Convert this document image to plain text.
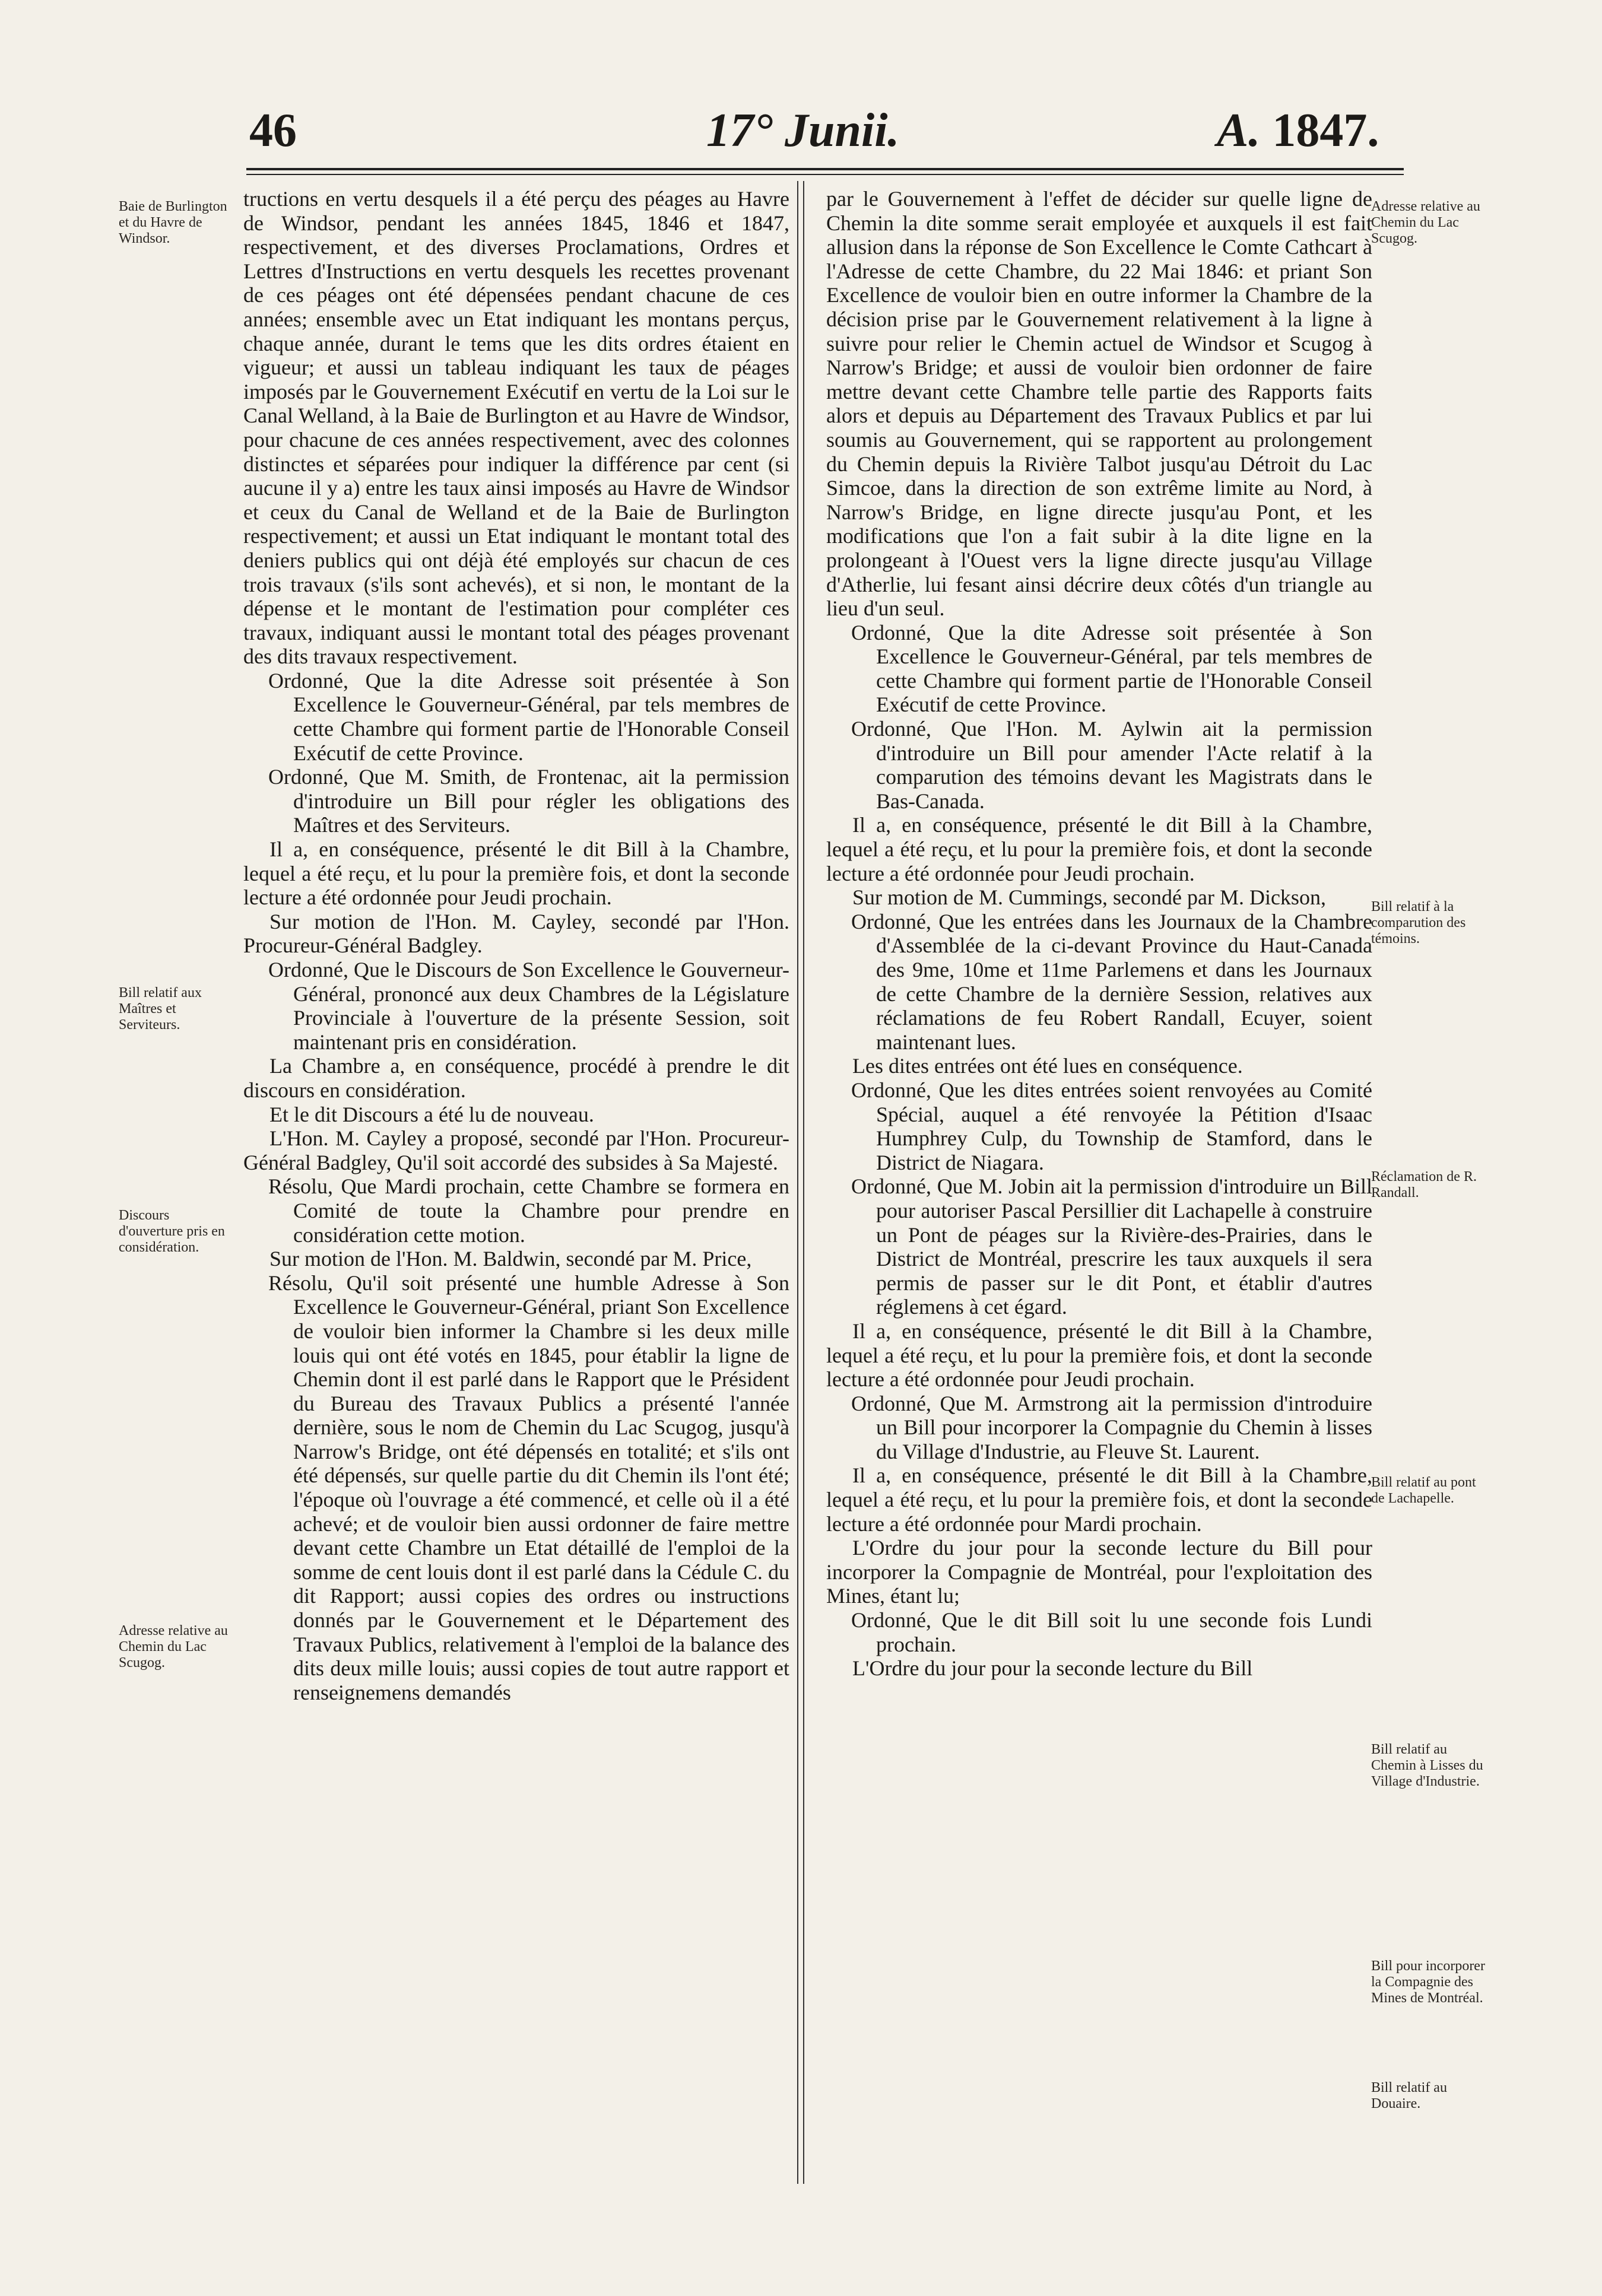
46	17° Junii.	A. 1847.

tructions en vertu desquels il a été perçu des péages au Havre de Windsor, pendant les années 1845, 1846 et 1847, respectivement, et des diverses Proclamations, Ordres et Lettres d'Instructions en vertu desquels les recettes provenant de ces péages ont été dépensées pendant chacune de ces années; ensemble avec un Etat indiquant les montans perçus, chaque année, durant le tems que les dits ordres étaient en vigueur; et aussi un tableau indiquant les taux de péages imposés par le Gouvernement Exécutif en vertu de la Loi sur le Canal Welland, à la Baie de Burlington et au Havre de Windsor, pour chacune de ces années respectivement, avec des colonnes distinctes et séparées pour indiquer la différence par cent (si aucune il y a) entre les taux ainsi imposés au Havre de Windsor et ceux du Canal de Welland et de la Baie de Burlington respectivement; et aussi un Etat indiquant le montant total des deniers publics qui ont déjà été employés sur chacun de ces trois travaux (s'ils sont achevés), et si non, le montant de la dépense et le montant de l'estimation pour compléter ces travaux, indiquant aussi le montant total des péages provenant des dits travaux respectivement.

Ordonné, Que la dite Adresse soit présentée à Son Excellence le Gouverneur-Général, par tels membres de cette Chambre qui forment partie de l'Honorable Conseil Exécutif de cette Province.

Ordonné, Que M. Smith, de Frontenac, ait la permission d'introduire un Bill pour régler les obligations des Maîtres et des Serviteurs.

Il a, en conséquence, présenté le dit Bill à la Chambre, lequel a été reçu, et lu pour la première fois, et dont la seconde lecture a été ordonnée pour Jeudi prochain.

Sur motion de l'Hon. M. Cayley, secondé par l'Hon. Procureur-Général Badgley.

Ordonné, Que le Discours de Son Excellence le Gouverneur-Général, prononcé aux deux Chambres de la Législature Provinciale à l'ouverture de la présente Session, soit maintenant pris en considération.

La Chambre a, en conséquence, procédé à prendre le dit discours en considération.

Et le dit Discours a été lu de nouveau.

L'Hon. M. Cayley a proposé, secondé par l'Hon. Procureur-Général Badgley, Qu'il soit accordé des subsides à Sa Majesté.

Résolu, Que Mardi prochain, cette Chambre se formera en Comité de toute la Chambre pour prendre en considération cette motion.

Sur motion de l'Hon. M. Baldwin, secondé par M. Price,

Résolu, Qu'il soit présenté une humble Adresse à Son Excellence le Gouverneur-Général, priant Son Excellence de vouloir bien informer la Chambre si les deux mille louis qui ont été votés en 1845, pour établir la ligne de Chemin dont il est parlé dans le Rapport que le Président du Bureau des Travaux Publics a présenté l'année dernière, sous le nom de Chemin du Lac Scugog, jusqu'à Narrow's Bridge, ont été dépensés en totalité; et s'ils ont été dépensés, sur quelle partie du dit Chemin ils l'ont été; l'époque où l'ouvrage a été commencé, et celle où il a été achevé; et de vouloir bien aussi ordonner de faire mettre devant cette Chambre un Etat détaillé de l'emploi de la somme de cent louis dont il est parlé dans la Cédule C. du dit Rapport; aussi copies des ordres ou instructions donnés par le Gouvernement et le Département des Travaux Publics, relativement à l'emploi de la balance des dits deux mille louis; aussi copies de tout autre rapport et renseignemens demandés

par le Gouvernement à l'effet de décider sur quelle ligne de Chemin la dite somme serait employée et auxquels il est fait allusion dans la réponse de Son Excellence le Comte Cathcart à l'Adresse de cette Chambre, du 22 Mai 1846: et priant Son Excellence de vouloir bien en outre informer la Chambre de la décision prise par le Gouvernement relativement à la ligne à suivre pour relier le Chemin actuel de Windsor et Scugog à Narrow's Bridge; et aussi de vouloir bien ordonner de faire mettre devant cette Chambre telle partie des Rapports faits alors et depuis au Département des Travaux Publics et par lui soumis au Gouvernement, qui se rapportent au prolongement du Chemin depuis la Rivière Talbot jusqu'au Détroit du Lac Simcoe, dans la direction de son extrême limite au Nord, à Narrow's Bridge, en ligne directe jusqu'au Pont, et les modifications que l'on a fait subir à la dite ligne en la prolongeant à l'Ouest vers la ligne directe jusqu'au Village d'Atherlie, lui fesant ainsi décrire deux côtés d'un triangle au lieu d'un seul.

Ordonné, Que la dite Adresse soit présentée à Son Excellence le Gouverneur-Général, par tels membres de cette Chambre qui forment partie de l'Honorable Conseil Exécutif de cette Province.

Ordonné, Que l'Hon. M. Aylwin ait la permission d'introduire un Bill pour amender l'Acte relatif à la comparution des témoins devant les Magistrats dans le Bas-Canada.

Il a, en conséquence, présenté le dit Bill à la Chambre, lequel a été reçu, et lu pour la première fois, et dont la seconde lecture a été ordonnée pour Jeudi prochain.

Sur motion de M. Cummings, secondé par M. Dickson,

Ordonné, Que les entrées dans les Journaux de la Chambre d'Assemblée de la ci-devant Province du Haut-Canada des 9me, 10me et 11me Parlemens et dans les Journaux de cette Chambre de la dernière Session, relatives aux réclamations de feu Robert Randall, Ecuyer, soient maintenant lues.

Les dites entrées ont été lues en conséquence.

Ordonné, Que les dites entrées soient renvoyées au Comité Spécial, auquel a été renvoyée la Pétition d'Isaac Humphrey Culp, du Township de Stamford, dans le District de Niagara.

Ordonné, Que M. Jobin ait la permission d'introduire un Bill pour autoriser Pascal Persillier dit Lachapelle à construire un Pont de péages sur la Rivière-des-Prairies, dans le District de Montréal, prescrire les taux auxquels il sera permis de passer sur le dit Pont, et établir d'autres réglemens à cet égard.

Il a, en conséquence, présenté le dit Bill à la Chambre, lequel a été reçu, et lu pour la première fois, et dont la seconde lecture a été ordonnée pour Jeudi prochain.

Ordonné, Que M. Armstrong ait la permission d'introduire un Bill pour incorporer la Compagnie du Chemin à lisses du Village d'Industrie, au Fleuve St. Laurent.

Il a, en conséquence, présenté le dit Bill à la Chambre, lequel a été reçu, et lu pour la première fois, et dont la seconde lecture a été ordonnée pour Mardi prochain.

L'Ordre du jour pour la seconde lecture du Bill pour incorporer la Compagnie de Montréal, pour l'exploitation des Mines, étant lu;

Ordonné, Que le dit Bill soit lu une seconde fois Lundi prochain.

L'Ordre du jour pour la seconde lecture du Bill

Baie de Burlington et du Havre de Windsor.
Bill relatif aux Maîtres et Serviteurs.
Discours d'ouverture pris en considération.
Adresse relative au Chemin du Lac Scugog.
Adresse relative au Chemin du Lac Scugog.
Bill relatif à la comparution des témoins.
Réclamation de R. Randall.
Bill relatif au pont de Lachapelle.
Bill relatif au Chemin à Lisses du Village d'Industrie.
Bill pour incorporer la Compagnie des Mines de Montréal.
Bill relatif au Douaire.
